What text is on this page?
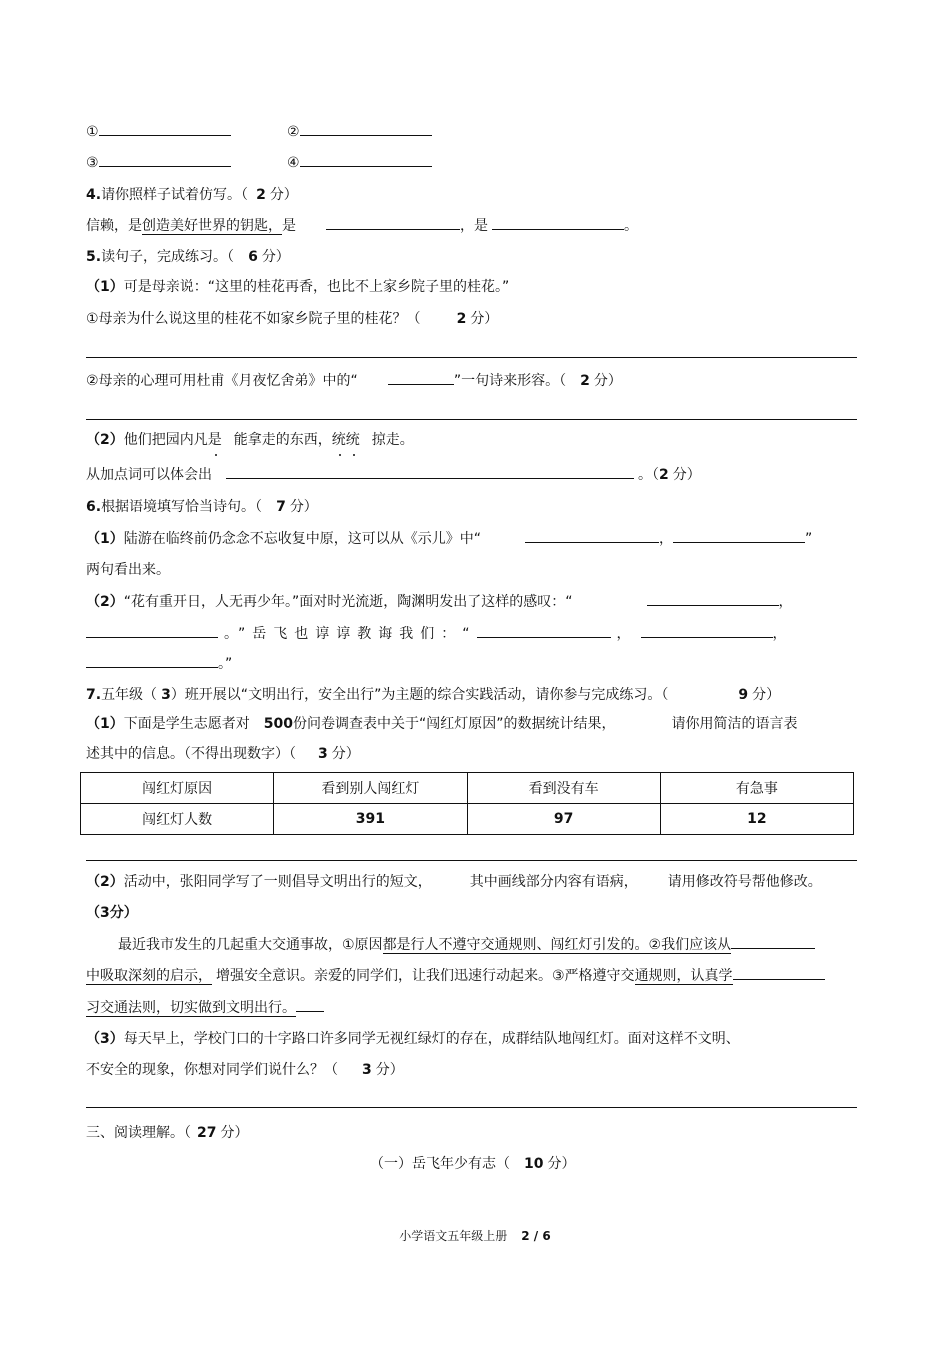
①	②
③	④
4.请你照样子试着仿写。（ 2 分）
信赖，是创造美好世界的钥匙，是	，是	。
5.读句子，完成练习。（ 6 分）
（1）可是母亲说：“这里的桂花再香，也比不上家乡院子里的桂花。”
①母亲为什么说这里的桂花不如家乡院子里的桂花？（	2 分）
②母亲的心理可用杜甫《月夜忆舍弟》中的“	”一句诗来形容。（ 2 分）
（2）他们把园内凡是 能拿走的东西，统统 掠走。
从加点词可以体会出	。（2 分）
6.根据语境填写恰当诗句。（ 7 分）
（1）陆游在临终前仍念念不忘收复中原，这可以从《示儿》中“	，	”
两句看出来。
（2）“花有重开日，人无再少年。”面对时光流逝，陶渊明发出了这样的感叹：“	，
。”岳飞也谆谆教诲我们：“	，	，
。”
7.五年级（ 3）班开展以“文明出行，安全出行”为主题的综合实践活动，请你参与完成练习。（	9 分）
（1）下面是学生志愿者对 500份问卷调查表中关于“闯红灯原因”的数据统计结果，	请你用简洁的语言表
述其中的信息。（不得出现数字）（ 3 分）
闯红灯原因	看到别人闯红灯	看到没有车	有急事
闯红灯人数	391	97	12
（2）活动中，张阳同学写了一则倡导文明出行的短文，	其中画线部分内容有语病， 请用修改符号帮他修改。
（3分）
最近我市发生的几起重大交通事故，①原因都是行人不遵守交通规则、闯红灯引发的。②我们应该从
中吸取深刻的启示， 增强安全意识。亲爱的同学们，让我们迅速行动起来。③严格遵守交通规则，认真学
习交通法则，切实做到文明出行。
（3）每天早上，学校门口的十字路口许多同学无视红绿灯的存在，成群结队地闯红灯。面对这样不文明、
不安全的现象，你想对同学们说什么？（ 3 分）
三、阅读理解。（ 27 分）
（一）岳飞年少有志（ 10 分）
小学语文五年级上册 2 / 6
